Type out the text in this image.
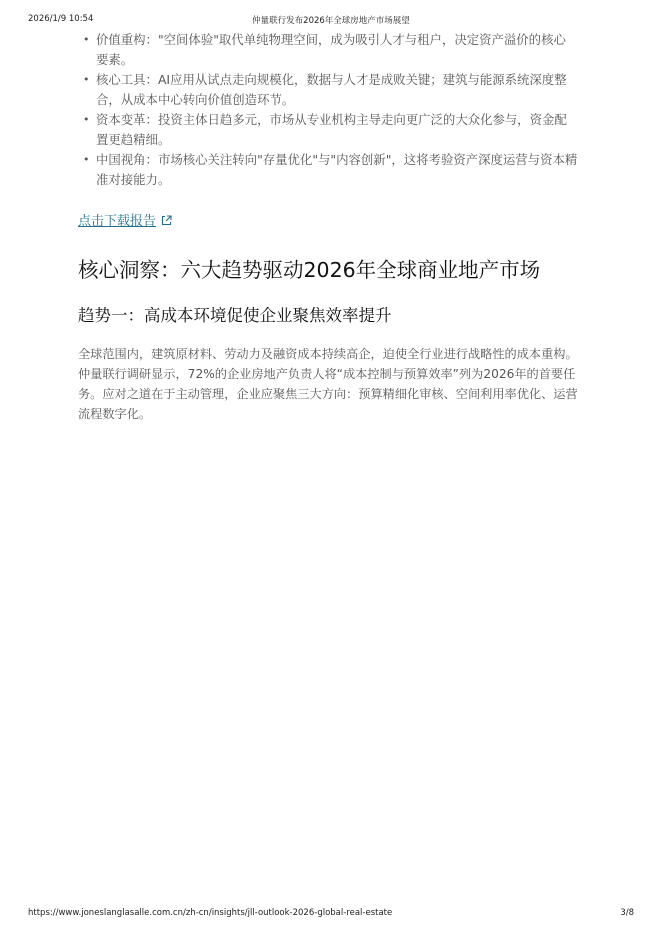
2026/1/9 10:54	仲量联行发布2026年全球房地产市场展望
• 价值重构："空间体验"取代单纯物理空间，成为吸引人才与租户，决定资产溢价的核心要素。
• 核心工具：AI应用从试点走向规模化，数据与人才是成败关键；建筑与能源系统深度整合，从成本中心转向价值创造环节。
• 资本变革：投资主体日趋多元，市场从专业机构主导走向更广泛的大众化参与，资金配置更趋精细。
• 中国视角：市场核心关注转向"存量优化"与"内容创新"，这将考验资产深度运营与资本精准对接能力。
点击下载报告
核心洞察：六大趋势驱动2026年全球商业地产市场
趋势一：高成本环境促使企业聚焦效率提升

全球范围内，建筑原材料、劳动力及融资成本持续高企，迫使全行业进行战略性的成本重构。仲量联行调研显示，72%的企业房地产负责人将“成本控制与预算效率”列为2026年的首要任务。应对之道在于主动管理，企业应聚焦三大方向：预算精细化审核、空间利用率优化、运营流程数字化。

https://www.joneslanglasalle.com.cn/zh-cn/insights/jll-outlook-2026-global-real-estate	3/8
